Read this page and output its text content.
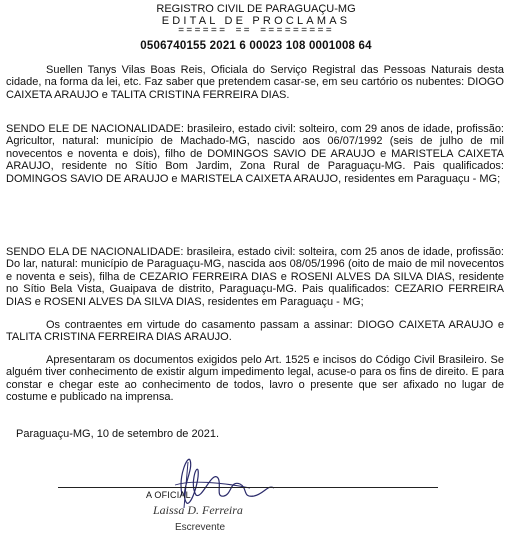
REGISTRO CIVIL DE PARAGUAÇU-MG
EDITAL DE PROCLAMAS
====== == =========
0506740155 2021 6 00023 108 0001008 64

Suellen Tanys Vilas Boas Reis, Oficiala do Serviço Registral das Pessoas Naturais desta cidade, na forma da lei, etc. Faz saber que pretendem casar-se, em seu cartório os nubentes: DIOGO CAIXETA ARAUJO e TALITA CRISTINA FERREIRA DIAS.

SENDO ELE DE NACIONALIDADE: brasileiro, estado civil: solteiro, com 29 anos de idade, profissão: Agricultor, natural: município de Machado-MG, nascido aos 06/07/1992 (seis de julho de mil novecentos e noventa e dois), filho de DOMINGOS SAVIO DE ARAUJO e MARISTELA CAIXETA ARAUJO, residente no Sítio Bom Jardim, Zona Rural de Paraguaçu-MG. Pais qualificados: DOMINGOS SAVIO DE ARAUJO e MARISTELA CAIXETA ARAUJO, residentes em Paraguaçu - MG;

SENDO ELA DE NACIONALIDADE: brasileira, estado civil: solteira, com 25 anos de idade, profissão: Do lar, natural: município de Paraguaçu-MG, nascida aos 08/05/1996 (oito de maio de mil novecentos e noventa e seis), filha de CEZARIO FERREIRA DIAS e ROSENI ALVES DA SILVA DIAS, residente no Sítio Bela Vista, Guaipava de distrito, Paraguaçu-MG. Pais qualificados: CEZARIO FERREIRA DIAS e ROSENI ALVES DA SILVA DIAS, residentes em Paraguaçu - MG;

Os contraentes em virtude do casamento passam a assinar: DIOGO CAIXETA ARAUJO e TALITA CRISTINA FERREIRA DIAS ARAUJO.

Apresentaram os documentos exigidos pelo Art. 1525 e incisos do Código Civil Brasileiro. Se alguém tiver conhecimento de existir algum impedimento legal, acuse-o para os fins de direito. E para constar e chegar este ao conhecimento de todos, lavro o presente que ser afixado no lugar de costume e publicado na imprensa.

Paraguaçu-MG, 10 de setembro de 2021.
A OFICIAL
Laissa D. Ferreira
Escrevente
